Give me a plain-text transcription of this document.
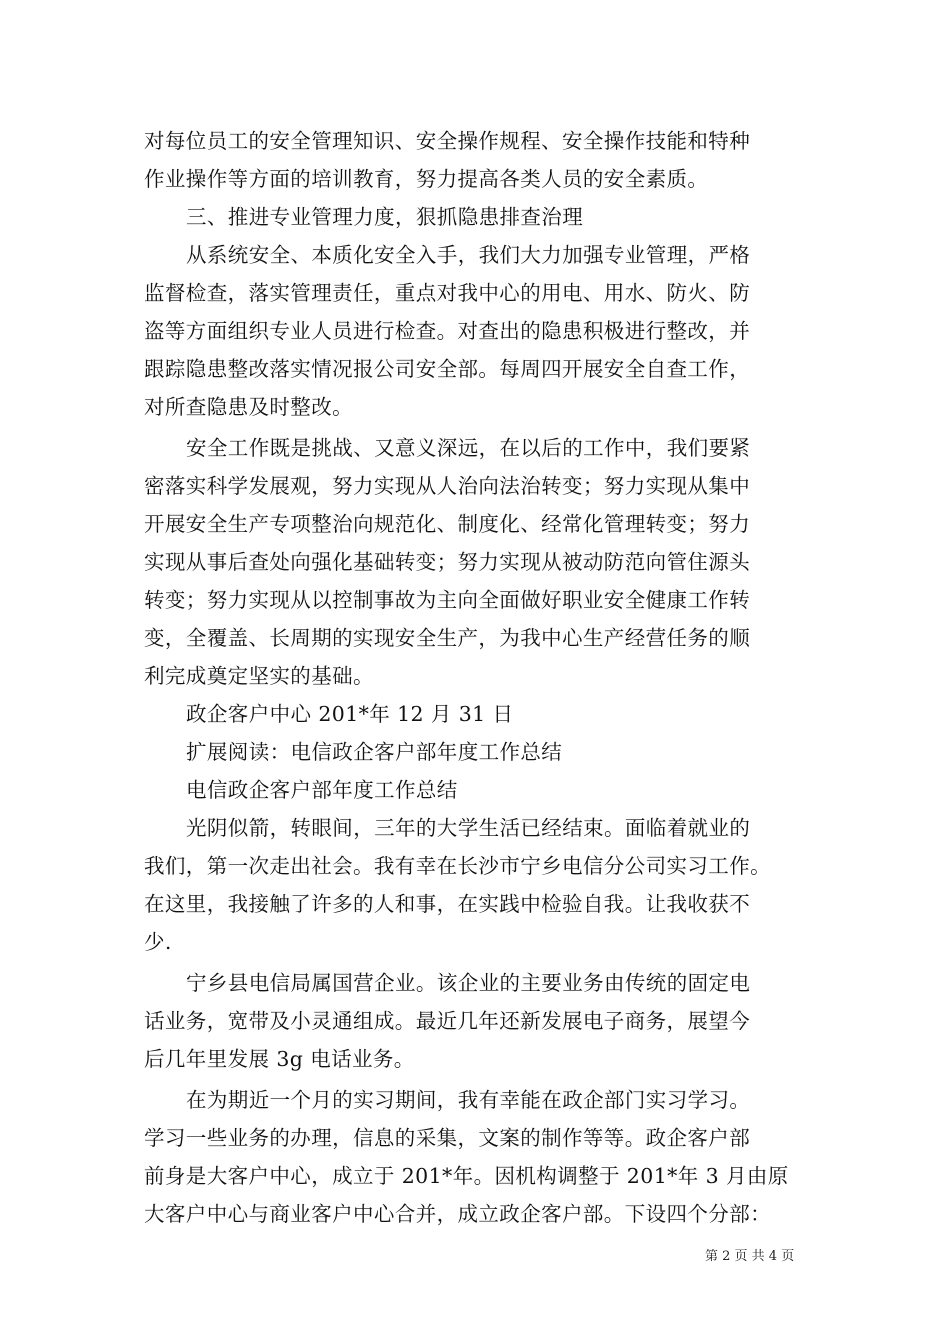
对每位员工的安全管理知识、安全操作规程、安全操作技能和特种
作业操作等方面的培训教育，努力提高各类人员的安全素质。
三、推进专业管理力度，狠抓隐患排查治理
从系统安全、本质化安全入手，我们大力加强专业管理，严格
监督检查，落实管理责任，重点对我中心的用电、用水、防火、防
盗等方面组织专业人员进行检查。对查出的隐患积极进行整改，并
跟踪隐患整改落实情况报公司安全部。每周四开展安全自查工作，
对所查隐患及时整改。
安全工作既是挑战、又意义深远，在以后的工作中，我们要紧
密落实科学发展观，努力实现从人治向法治转变；努力实现从集中
开展安全生产专项整治向规范化、制度化、经常化管理转变；努力
实现从事后查处向强化基础转变；努力实现从被动防范向管住源头
转变；努力实现从以控制事故为主向全面做好职业安全健康工作转
变，全覆盖、长周期的实现安全生产，为我中心生产经营任务的顺
利完成奠定坚实的基础。
政企客户中心 201*年 12 月 31 日
扩展阅读：电信政企客户部年度工作总结
电信政企客户部年度工作总结
光阴似箭，转眼间，三年的大学生活已经结束。面临着就业的
我们，第一次走出社会。我有幸在长沙市宁乡电信分公司实习工作。
在这里，我接触了许多的人和事，在实践中检验自我。让我收获不
少.
宁乡县电信局属国营企业。该企业的主要业务由传统的固定电
话业务，宽带及小灵通组成。最近几年还新发展电子商务，展望今
后几年里发展 3g 电话业务。
在为期近一个月的实习期间，我有幸能在政企部门实习学习。
学习一些业务的办理，信息的采集，文案的制作等等。政企客户部
前身是大客户中心，成立于 201*年。因机构调整于 201*年 3 月由原
大客户中心与商业客户中心合并，成立政企客户部。下设四个分部：
第 2 页 共 4 页
